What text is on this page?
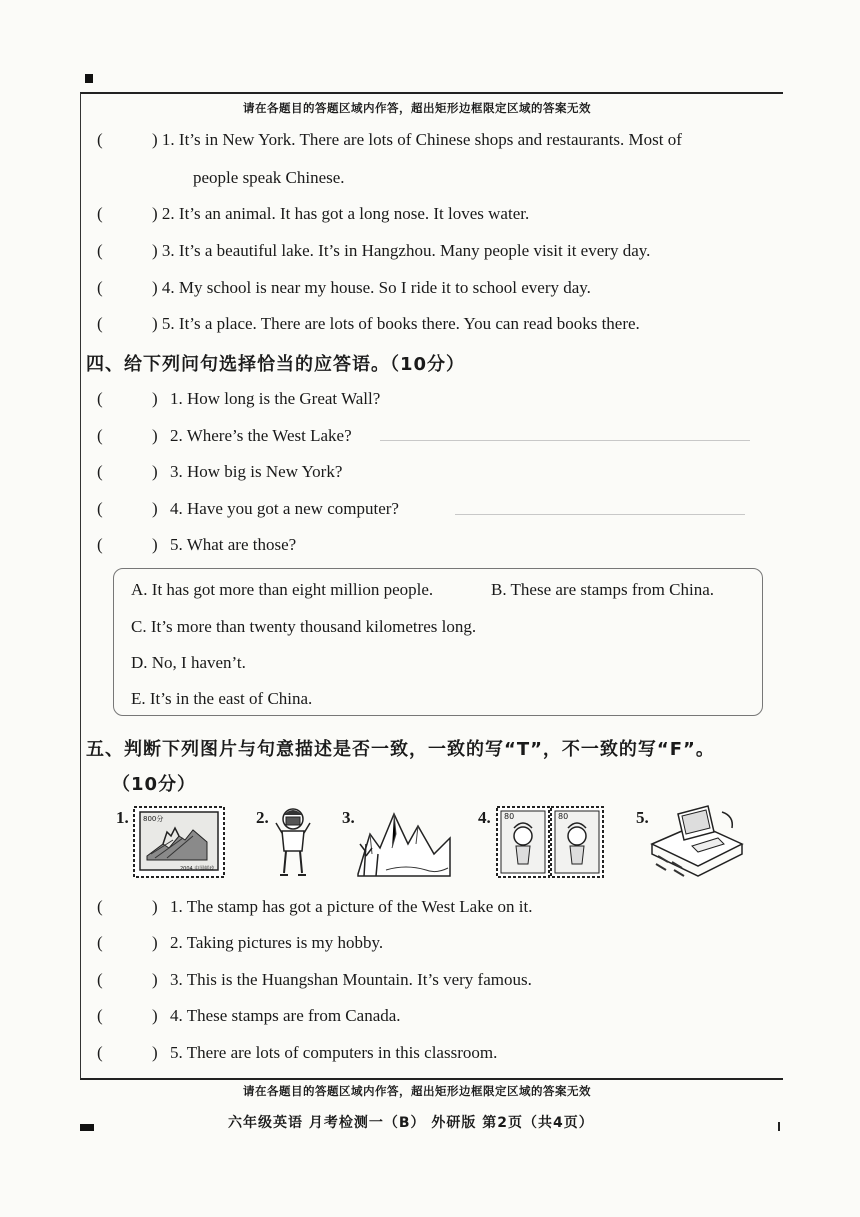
请在各题目的答题区域内作答，超出矩形边框限定区域的答案无效
(	) 1. It’s in New York. There are lots of Chinese shops and restaurants. Most of
people speak Chinese.
(	) 2. It’s an animal. It has got a long nose. It loves water.
(	) 3. It’s a beautiful lake. It’s in Hangzhou. Many people visit it every day.
(	) 4. My school is near my house. So I ride it to school every day.
(	) 5. It’s a place. There are lots of books there. You can read books there.
四、给下列问句选择恰当的应答语。（10分）
(	) 1. How long is the Great Wall?
(	) 2. Where’s the West Lake?
(	) 3. How big is New York?
(	) 4. Have you got a new computer?
(	) 5. What are those?
A. It has got more than eight million people.	B. These are stamps from China.
C. It’s more than twenty thousand kilometres long.
D. No, I haven’t.
E. It’s in the east of China.
五、判断下列图片与句意描述是否一致，一致的写“T”，不一致的写“F”。
（10分）
1. 800分
2004 中国邮政
2.	3.	4. 80	80	5.
(	) 1. The stamp has got a picture of the West Lake on it.
(	) 2. Taking pictures is my hobby.
(	) 3. This is the Huangshan Mountain. It’s very famous.
(	) 4. These stamps are from Canada.
(	) 5. There are lots of computers in this classroom.
请在各题目的答题区域内作答，超出矩形边框限定区域的答案无效
六年级英语 月考检测一（B） 外研版 第2页（共4页）
